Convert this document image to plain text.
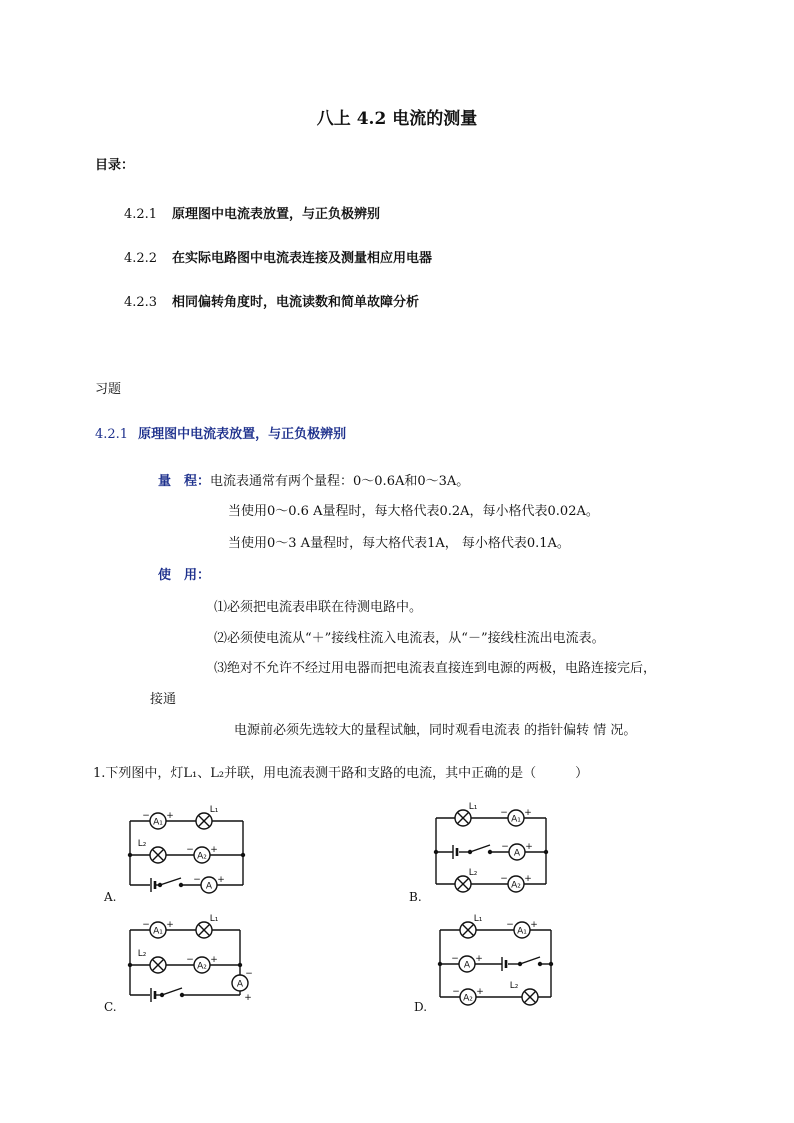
八上 4.2 电流的测量
目录：
4.2.1 原理图中电流表放置，与正负极辨别
4.2.2 在实际电路图中电流表连接及测量相应用电器
4.2.3 相同偏转角度时，电流读数和简单故障分析
习题
4.2.1 原理图中电流表放置，与正负极辨别
量　程：电流表通常有两个量程：0～0.6A和0～3A。
当使用0～0.6 A量程时，每大格代表0.2A，每小格代表0.02A。
当使用0～3 A量程时，每大格代表1A， 每小格代表0.1A。
使　用：
⑴必须把电流表串联在待测电路中。
⑵必须使电流从“＋”接线柱流入电流表，从“－”接线柱流出电流表。
⑶绝对不允许不经过用电器而把电流表直接连到电源的两极，电路连接完后，
接通
电源前必须先选较大的量程试触，同时观看电流表 的指针偏转 情 况。
1.下列图中，灯L₁、L₂并联，用电流表测干路和支路的电流，其中正确的是（　　　）
A.	B.
C.	D.
A₁
− +
L₁
L₂
A₂
− +
A
− +
L₁
A₁
− +
A
− +
L₂
A₂
− +
A₁
− +
L₁
L₂
A₂
− +
A
−
+
L₁
A₁
− +
A
− +
A₂
− +
L₂
